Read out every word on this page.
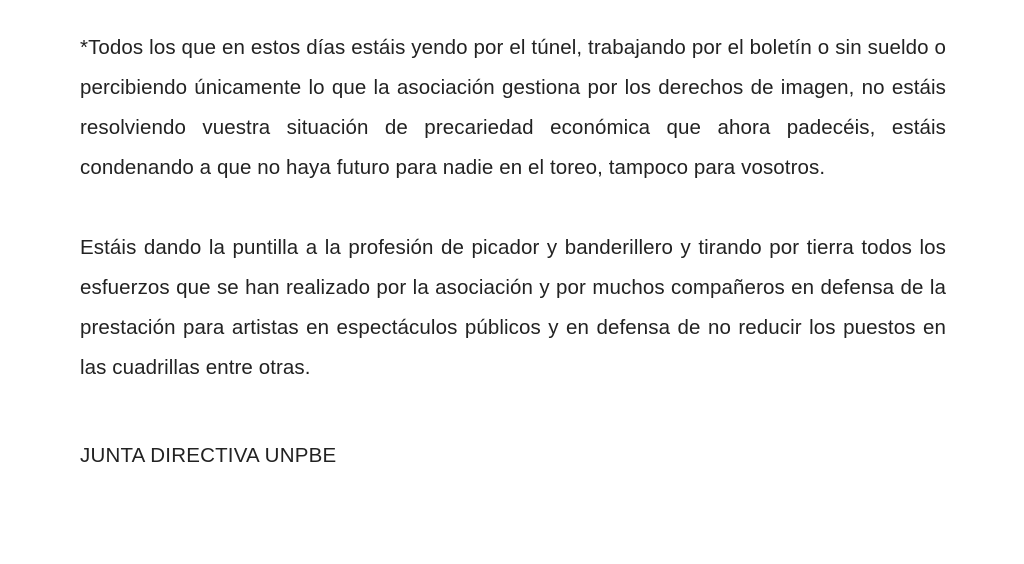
*Todos los que en estos días estáis yendo por el túnel, trabajando por el boletín o sin sueldo o percibiendo únicamente lo que la asociación gestiona por los derechos de imagen, no estáis resolviendo vuestra situación de precariedad económica que ahora padecéis, estáis condenando a que no haya futuro para nadie en el toreo, tampoco para vosotros.

Estáis dando la puntilla a la profesión de picador y banderillero y tirando por tierra todos los esfuerzos que se han realizado por la asociación y por muchos compañeros en defensa de la prestación para artistas en espectáculos públicos y en defensa de no reducir los puestos en las cuadrillas entre otras.

JUNTA DIRECTIVA UNPBE
